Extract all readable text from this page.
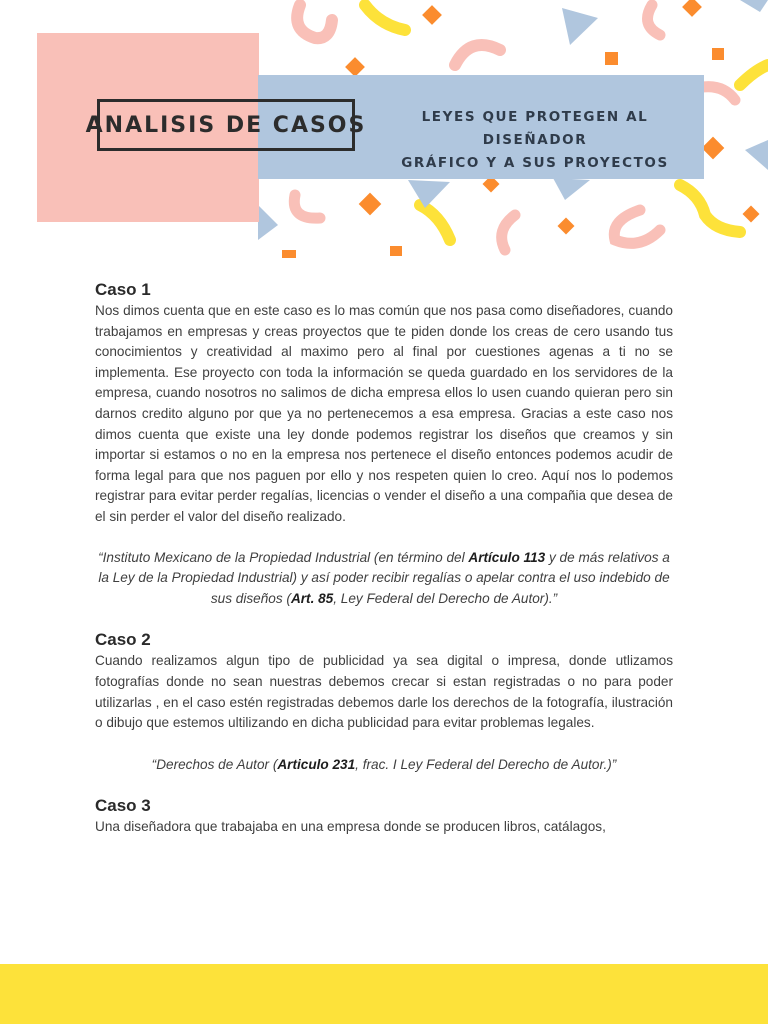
ANALISIS DE CASOS	LEYES QUE PROTEGEN AL DISEÑADOR
GRÁFICO Y A SUS PROYECTOS
Caso 1

Nos dimos cuenta que en este caso es lo mas común que nos pasa como diseñadores, cuando trabajamos en empresas y creas proyectos que te piden donde los creas de cero usando tus conocimientos y creatividad al maximo pero al final por cuestiones agenas a ti no se implementa. Ese proyecto con toda la información se queda guardado en los servidores de la empresa, cuando nosotros no salimos de dicha empresa ellos lo usen cuando quieran pero sin darnos credito alguno por que ya no pertenecemos a esa empresa. Gracias a este caso nos dimos cuenta que existe una ley donde podemos registrar los diseños que creamos y sin importar si estamos o no en la empresa nos pertenece el diseño entonces podemos acudir de forma legal para que nos paguen por ello y nos respeten quien lo creo. Aquí nos lo podemos registrar para evitar perder regalías, licencias o vender el diseño a una compañia que desea de el sin perder el valor del diseño realizado.

“Instituto Mexicano de la Propiedad Industrial (en término del Artículo 113 y de más relativos a la Ley de la Propiedad Industrial) y así poder recibir regalías o apelar contra el uso indebido de sus diseños (Art. 85, Ley Federal del Derecho de Autor).”

Caso 2

Cuando realizamos algun tipo de publicidad ya sea digital o impresa, donde utlizamos fotografías donde no sean nuestras debemos crecar si estan registradas o no para poder utilizarlas , en el caso estén registradas debemos darle los derechos de la fotografía, ilustración o dibujo que estemos ultilizando en dicha publicidad para evitar problemas legales.

“Derechos de Autor (Articulo 231, frac. I Ley Federal del Derecho de Autor.)”

Caso 3

Una diseñadora que trabajaba en una empresa donde se producen libros, catálagos,
